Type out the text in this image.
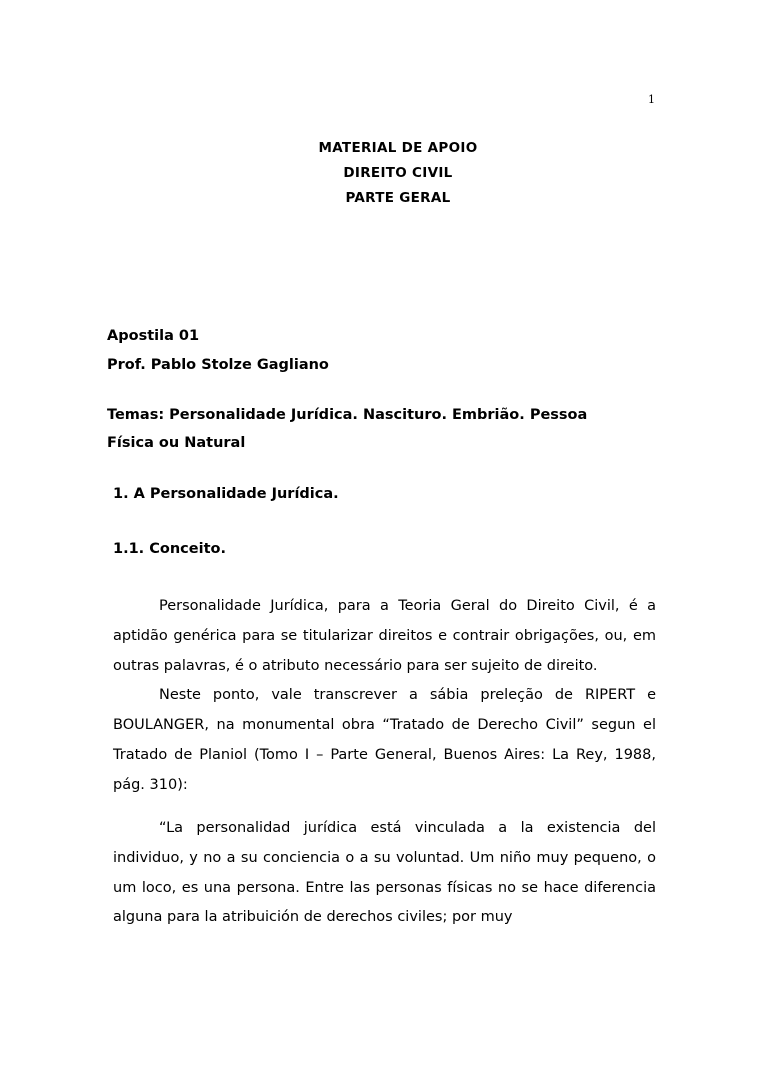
1
MATERIAL DE APOIO
DIREITO CIVIL
PARTE GERAL
Apostila 01
Prof. Pablo Stolze Gagliano
Temas: Personalidade Jurídica. Nascituro. Embrião. Pessoa Física ou Natural
1. A Personalidade Jurídica.
1.1. Conceito.

Personalidade Jurídica, para a Teoria Geral do Direito Civil, é a aptidão genérica para se titularizar direitos e contrair obrigações, ou, em outras palavras, é o atributo necessário para ser sujeito de direito.

Neste ponto, vale transcrever a sábia preleção de RIPERT e BOULANGER, na monumental obra “Tratado de Derecho Civil” segun el Tratado de Planiol (Tomo I – Parte General, Buenos Aires: La Rey, 1988, pág. 310):

“La personalidad jurídica está vinculada a la existencia del individuo, y no a su conciencia o a su voluntad. Um niño muy pequeno, o um loco, es una persona. Entre las personas físicas no se hace diferencia alguna para la atribuición de derechos civiles; por muy
